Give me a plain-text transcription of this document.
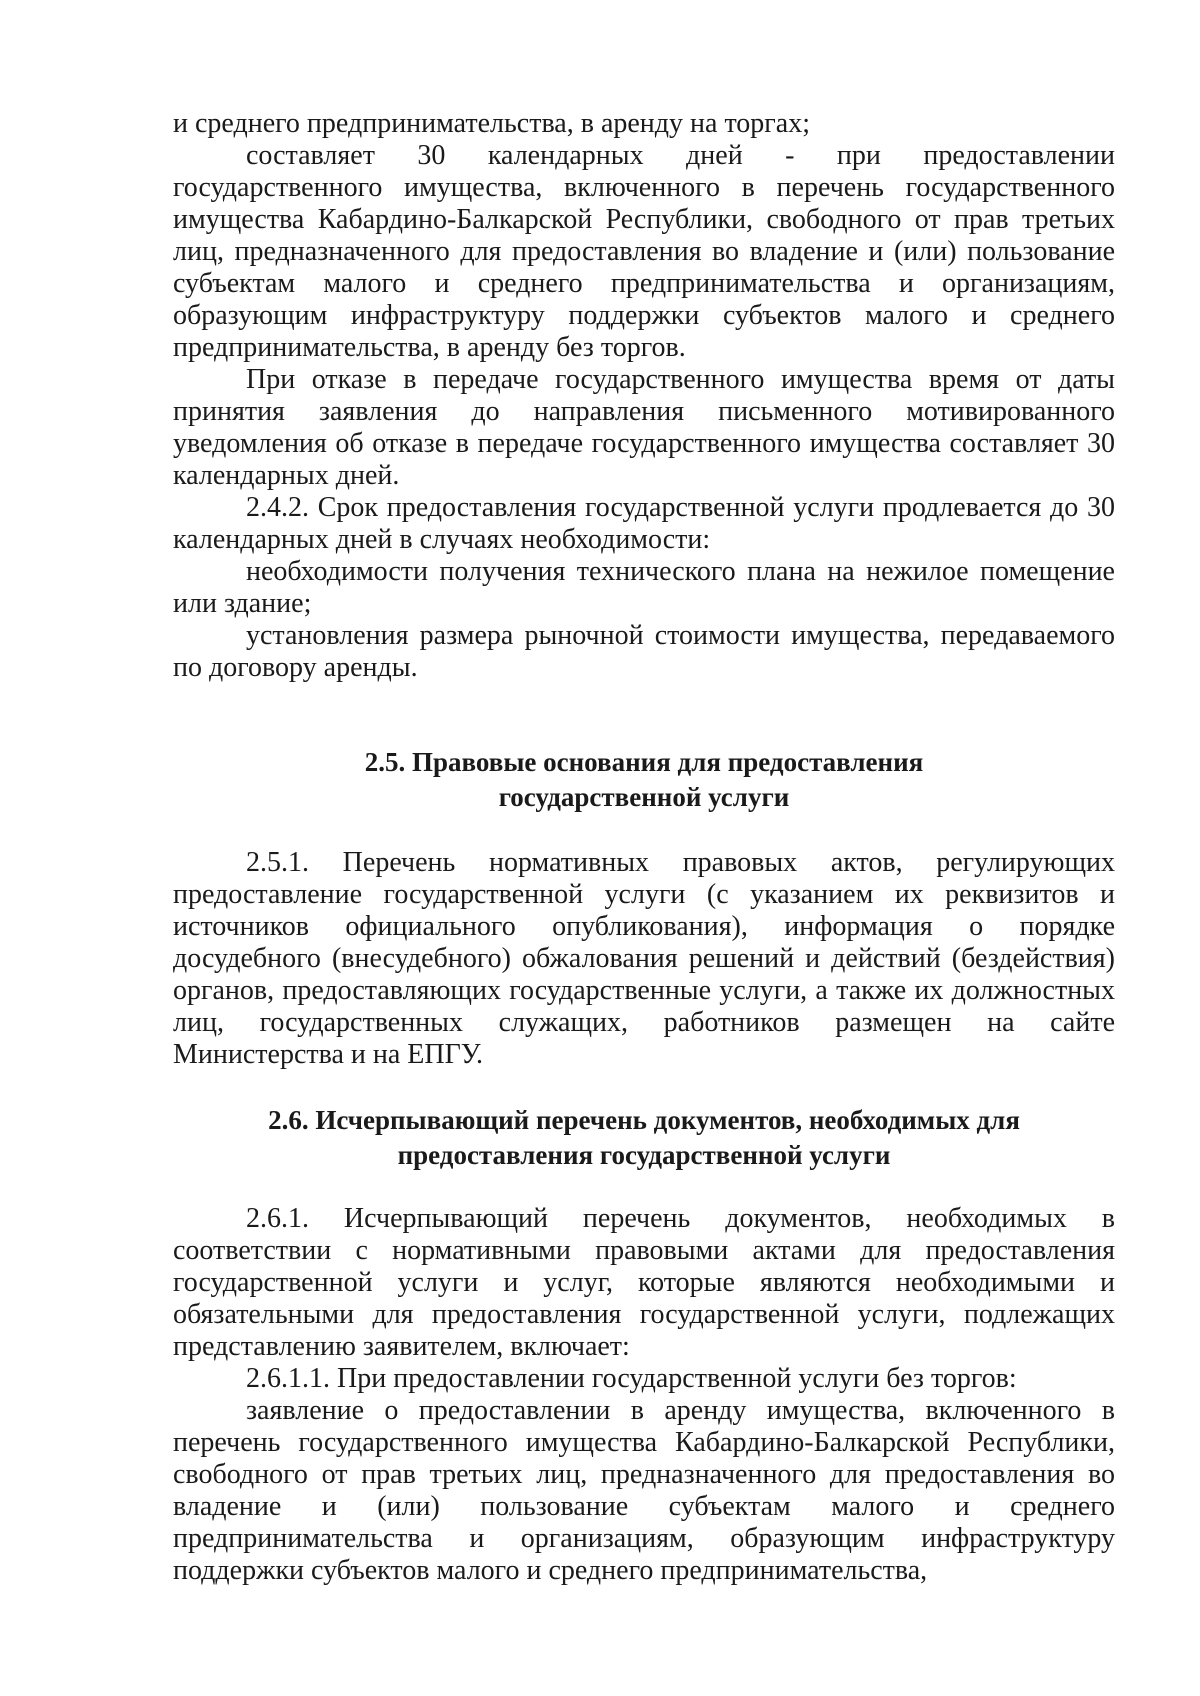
и среднего предпринимательства, в аренду на торгах;

составляет 30 календарных дней - при предоставлении государственного имущества, включенного в перечень государственного имущества Кабардино-Балкарской Республики, свободного от прав третьих лиц, предназначенного для предоставления во владение и (или) пользование субъектам малого и среднего предпринимательства и организациям, образующим инфраструктуру поддержки субъектов малого и среднего предпринимательства, в аренду без торгов.

При отказе в передаче государственного имущества время от даты принятия заявления до направления письменного мотивированного уведомления об отказе в передаче государственного имущества составляет 30 календарных дней.

2.4.2. Срок предоставления государственной услуги продлевается до 30 календарных дней в случаях необходимости:

необходимости получения технического плана на нежилое помещение или здание;

установления размера рыночной стоимости имущества, передаваемого по договору аренды.

2.5. Правовые основания для предоставления государственной услуги

2.5.1. Перечень нормативных правовых актов, регулирующих предоставление государственной услуги (с указанием их реквизитов и источников официального опубликования), информация о порядке досудебного (внесудебного) обжалования решений и действий (бездействия) органов, предоставляющих государственные услуги, а также их должностных лиц, государственных служащих, работников размещен на сайте Министерства и на ЕПГУ.

2.6. Исчерпывающий перечень документов, необходимых для предоставления государственной услуги

2.6.1. Исчерпывающий перечень документов, необходимых в соответствии с нормативными правовыми актами для предоставления государственной услуги и услуг, которые являются необходимыми и обязательными для предоставления государственной услуги, подлежащих представлению заявителем, включает:

2.6.1.1. При предоставлении государственной услуги без торгов:

заявление о предоставлении в аренду имущества, включенного в перечень государственного имущества Кабардино-Балкарской Республики, свободного от прав третьих лиц, предназначенного для предоставления во владение и (или) пользование субъектам малого и среднего предпринимательства и организациям, образующим инфраструктуру поддержки субъектов малого и среднего предпринимательства,
